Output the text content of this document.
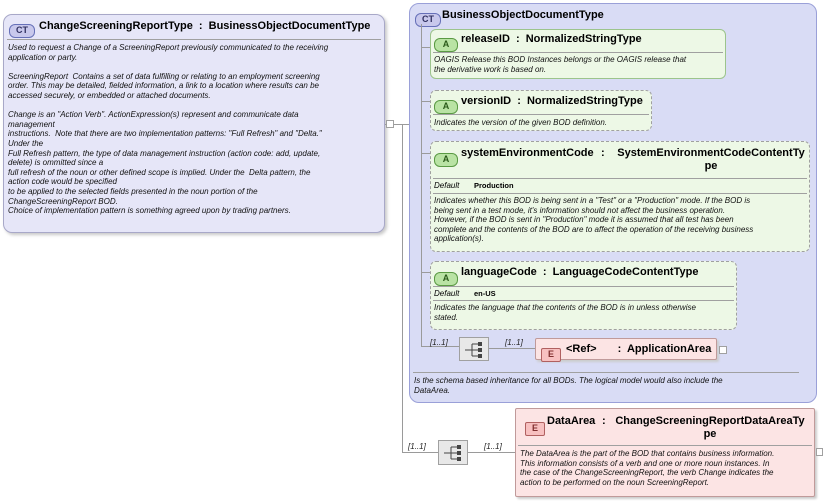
CT	ChangeScreeningReportType : BusinessObjectDocumentType
Used to request a Change of a ScreeningReport previously communicated to the receiving
application or party.

ScreeningReport  Contains a set of data fulfilling or relating to an employment screening
order. This may be detailed, fielded information, a link to a location where results can be
accessed securely, or embedded or attached documents.

Change is an "Action Verb". ActionExpression(s) represent and communicate data
management
instructions.  Note that there are two implementation patterns: "Full Refresh" and "Delta."
Under the
Full Refresh pattern, the type of data management instruction (action code: add, update,
delete) is ommitted since a
full refresh of the noun or other defined scope is implied. Under the  Delta pattern, the
action code would be specified
to be applied to the selected fields presented in the noun portion of the
ChangeScreeningReport BOD.
Choice of implementation pattern is something agreed upon by trading partners.
CT BusinessObjectDocumentType
A	releaseID : NormalizedStringType
OAGIS Release this BOD Instances belongs or the OAGIS release that
the derivative work is based on.
A	versionID : NormalizedStringType
Indicates the version of the given BOD definition.
A	systemEnvironmentCode :	SystemEnvironmentCodeContentTy
pe
Default Production
Indicates whether this BOD is being sent in a "Test" or a "Production" mode. If the BOD is
being sent in a test mode, it's information should not affect the business operation.
However, if the BOD is sent in "Production" mode it is assumed that all test has been
complete and the contents of the BOD are to affect the operation of the receiving business
application(s).
A	languageCode : LanguageCodeContentType
Default en-US
Indicates the language that the contents of the BOD is in unless otherwise
stated.
[1..1]	[1..1]
E	<Ref> : ApplicationArea
Is the schema based inheritance for all BODs. The logical model would also include the
DataArea.
[1..1]	[1..1]
E
DataArea : ChangeScreeningReportDataAreaTy
pe
The DataArea is the part of the BOD that contains business information.
This information consists of a verb and one or more noun instances. In
the case of the ChangeScreeningReport, the verb Change indicates the
action to be performed on the noun ScreeningReport.
